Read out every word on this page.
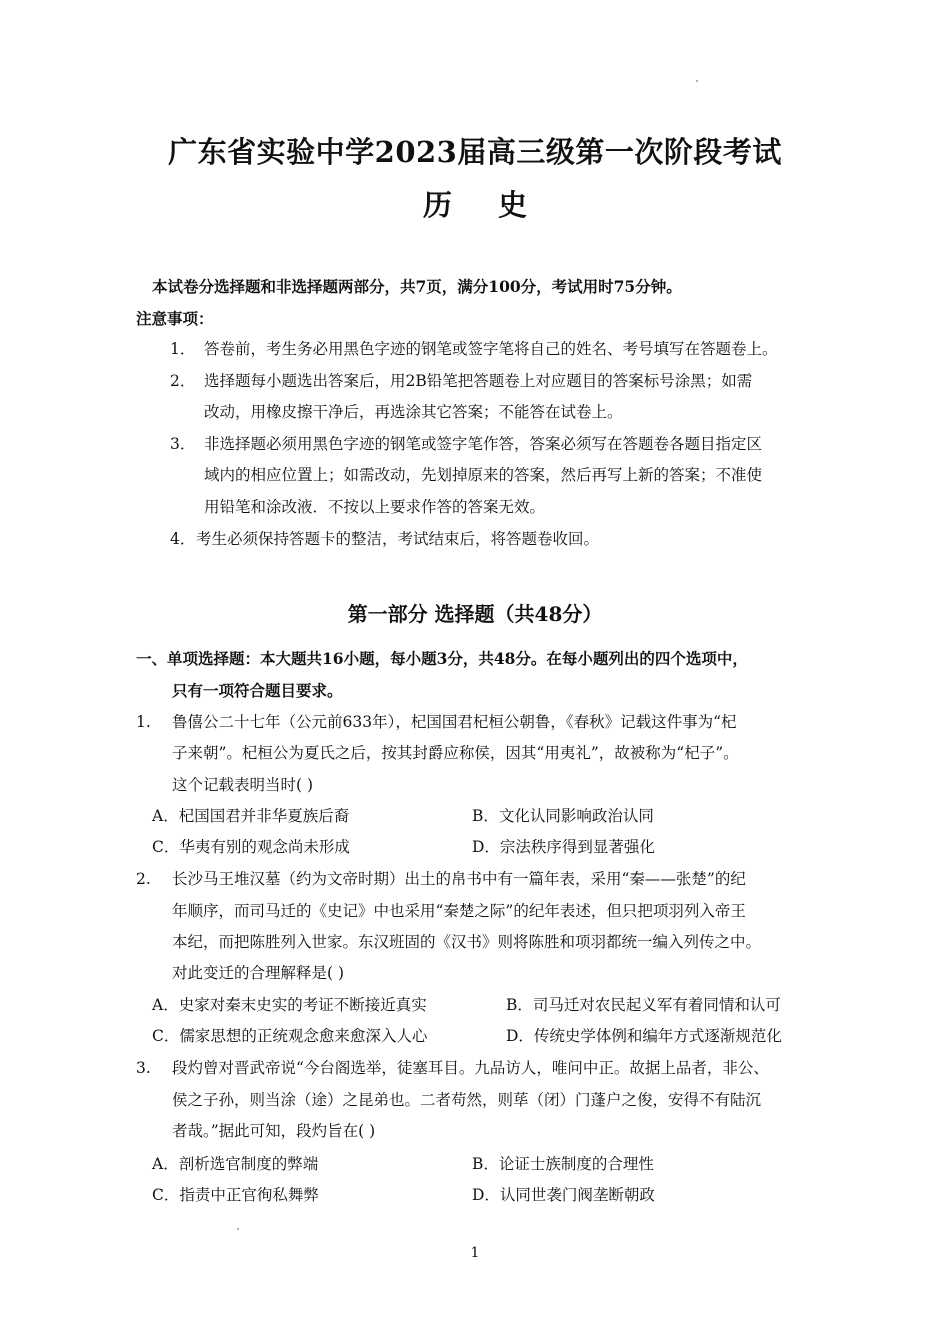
广东省实验中学2023届高三级第一次阶段考试
历 史
本试卷分选择题和非选择题两部分，共7页，满分100分，考试用时75分钟。
注意事项：
1． 答卷前，考生务必用黑色字迹的钢笔或签字笔将自己的姓名、考号填写在答题卷上。
2． 选择题每小题选出答案后，用2B铅笔把答题卷上对应题目的答案标号涂黑；如需
改动，用橡皮擦干净后，再选涂其它答案；不能答在试卷上。
3． 非选择题必须用黑色字迹的钢笔或签字笔作答，答案必须写在答题卷各题目指定区
域内的相应位置上；如需改动，先划掉原来的答案，然后再写上新的答案；不准使
用铅笔和涂改液．不按以上要求作答的答案无效。
4． 考生必须保持答题卡的整洁，考试结束后，将答题卷收回。
第一部分 选择题（共48分）
一、单项选择题：本大题共16小题，每小题3分，共48分。在每小题列出的四个选项中，
只有一项符合题目要求。
1. 鲁僖公二十七年（公元前633年），杞国国君杞桓公朝鲁，《春秋》记载这件事为“杞
子来朝”。杞桓公为夏氏之后，按其封爵应称侯，因其“用夷礼”，故被称为“杞子”。
这个记载表明当时( )
A．杞国国君并非华夏族后裔	B．文化认同影响政治认同
C．华夷有别的观念尚未形成	D．宗法秩序得到显著强化
2. 长沙马王堆汉墓（约为文帝时期）出土的帛书中有一篇年表，采用“秦——张楚”的纪
年顺序，而司马迁的《史记》中也采用“秦楚之际”的纪年表述，但只把项羽列入帝王
本纪，而把陈胜列入世家。东汉班固的《汉书》则将陈胜和项羽都统一编入列传之中。
对此变迁的合理解释是( )
A．史家对秦末史实的考证不断接近真实	B．司马迁对农民起义军有着同情和认可
C．儒家思想的正统观念愈来愈深入人心	D．传统史学体例和编年方式逐渐规范化
3. 段灼曾对晋武帝说“今台阁选举，徒塞耳目。九品访人，唯问中正。故据上品者，非公、
侯之子孙，则当涂（途）之昆弟也。二者苟然，则荜（闭）门蓬户之俊，安得不有陆沉
者哉。”据此可知，段灼旨在( )
A．剖析选官制度的弊端	B．论证士族制度的合理性
C．指责中正官徇私舞弊	D．认同世袭门阀垄断朝政
1
